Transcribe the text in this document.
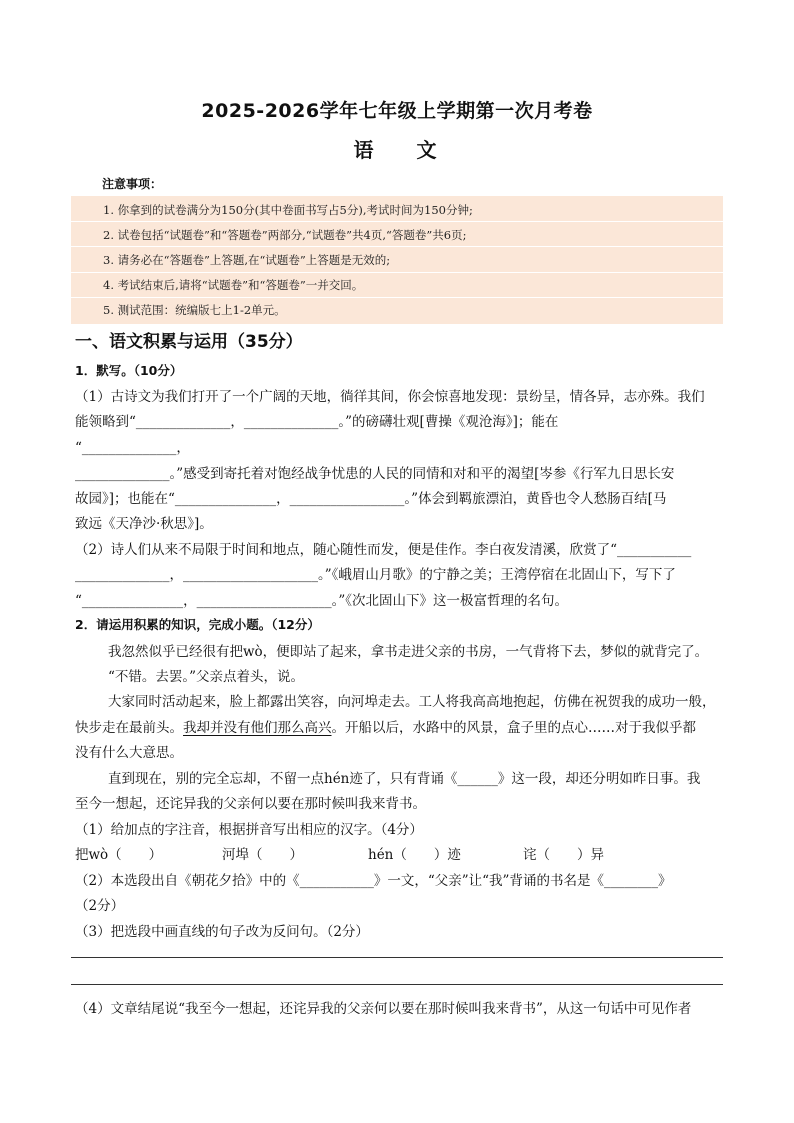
2025-2026学年七年级上学期第一次月考卷
语 文
注意事项：
1. 你拿到的试卷满分为150分(其中卷面书写占5分),考试时间为150分钟;
2. 试卷包括“试题卷”和“答题卷”两部分,“试题卷”共4页,“答题卷”共6页;
3. 请务必在“答题卷”上答题,在“试题卷”上答题是无效的;
4. 考试结束后,请将“试题卷”和“答题卷”一并交回。
5. 测试范围：统编版七上1-2单元。
一、语文积累与运用（35分）
1．默写。（10分）
（1）古诗文为我们打开了一个广阔的天地，徜徉其间，你会惊喜地发现：景纷呈，情各异，志亦殊。我们
能领略到“______________，______________。”的磅礴壮观[曹操《观沧海》]；能在
“______________，
______________。”感受到寄托着对饱经战争忧患的人民的同情和对和平的渴望[岑参《行军九日思长安
故园》]；也能在“_______________，_________________。”体会到羁旅漂泊，黄昏也令人愁肠百结[马
致远《天净沙·秋思》]。
（2）诗人们从来不局限于时间和地点，随心随性而发，便是佳作。李白夜发清溪，欣赏了“___________
______________，____________________。”《峨眉山月歌》的宁静之美；王湾停宿在北固山下，写下了
“_______________，____________________。”《次北固山下》这一极富哲理的名句。
2．请运用积累的知识，完成小题。（12分）
我忽然似乎已经很有把wò，便即站了起来，拿书走进父亲的书房，一气背将下去，梦似的就背完了。
“不错。去罢。”父亲点着头，说。
大家同时活动起来，脸上都露出笑容，向河埠走去。工人将我高高地抱起，仿佛在祝贺我的成功一般，
快步走在最前头。我却并没有他们那么高兴。开船以后，水路中的风景，盒子里的点心……对于我似乎都
没有什么大意思。
直到现在，别的完全忘却，不留一点hén迹了，只有背诵《______》这一段，却还分明如昨日事。我
至今一想起，还诧异我的父亲何以要在那时候叫我来背书。
（1）给加点的字注音，根据拼音写出相应的汉字。（4分）
把wò（　　）	河埠（　　）	hén（　　）迹	诧（　　）异
（2）本选段出自《朝花夕拾》中的《___________》一文，“父亲”让“我”背诵的书名是《________》
（2分）
（3）把选段中画直线的句子改为反问句。（2分）
（4）文章结尾说“我至今一想起，还诧异我的父亲何以要在那时候叫我来背书”，从这一句话中可见作者
